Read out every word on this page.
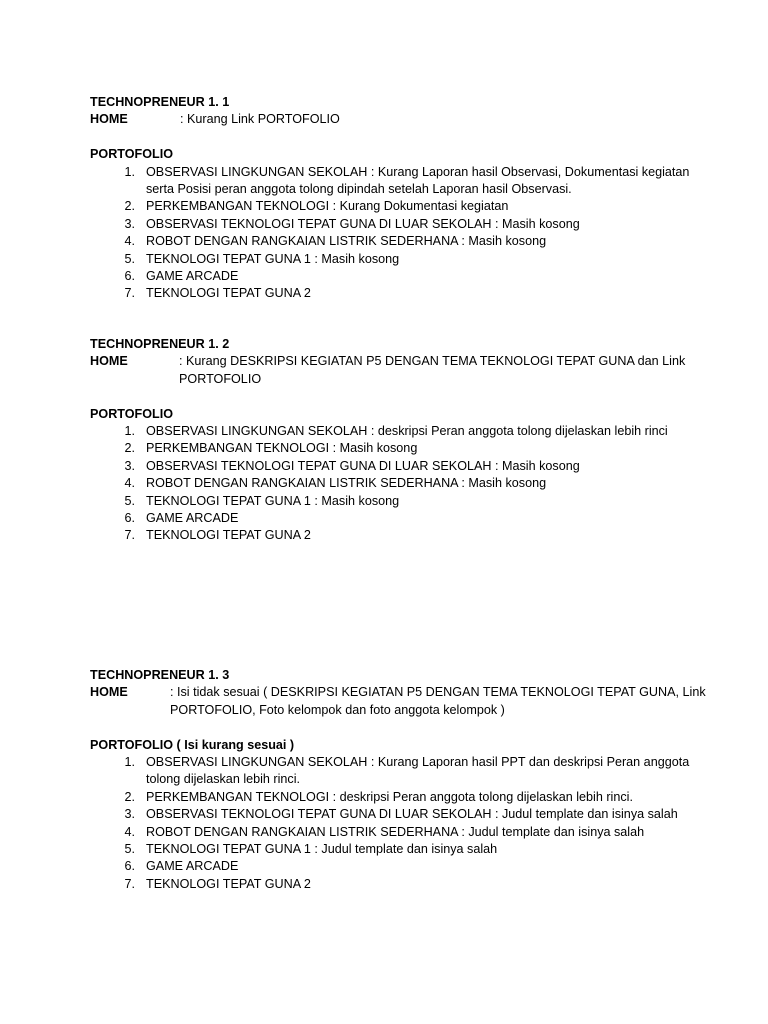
TECHNOPRENEUR 1. 1
HOME	: Kurang Link PORTOFOLIO
PORTOFOLIO
1. OBSERVASI LINGKUNGAN SEKOLAH : Kurang Laporan hasil Observasi, Dokumentasi kegiatan serta Posisi peran anggota tolong dipindah setelah Laporan hasil Observasi.
2. PERKEMBANGAN TEKNOLOGI : Kurang Dokumentasi kegiatan
3. OBSERVASI TEKNOLOGI TEPAT GUNA DI LUAR SEKOLAH : Masih kosong
4. ROBOT DENGAN RANGKAIAN LISTRIK SEDERHANA : Masih kosong
5. TEKNOLOGI TEPAT GUNA 1 : Masih kosong
6. GAME ARCADE
7. TEKNOLOGI TEPAT GUNA 2
TECHNOPRENEUR 1. 2
HOME	: Kurang DESKRIPSI KEGIATAN P5 DENGAN TEMA TEKNOLOGI TEPAT GUNA dan Link PORTOFOLIO
PORTOFOLIO
1. OBSERVASI LINGKUNGAN SEKOLAH : deskripsi Peran anggota tolong dijelaskan lebih rinci
2. PERKEMBANGAN TEKNOLOGI : Masih kosong
3. OBSERVASI TEKNOLOGI TEPAT GUNA DI LUAR SEKOLAH : Masih kosong
4. ROBOT DENGAN RANGKAIAN LISTRIK SEDERHANA : Masih kosong
5. TEKNOLOGI TEPAT GUNA 1 : Masih kosong
6. GAME ARCADE
7. TEKNOLOGI TEPAT GUNA 2
TECHNOPRENEUR 1. 3
HOME	: Isi tidak sesuai ( DESKRIPSI KEGIATAN P5 DENGAN TEMA TEKNOLOGI TEPAT GUNA, Link PORTOFOLIO, Foto kelompok dan foto anggota kelompok )
PORTOFOLIO ( Isi kurang sesuai )
1. OBSERVASI LINGKUNGAN SEKOLAH : Kurang Laporan hasil PPT dan deskripsi Peran anggota tolong dijelaskan lebih rinci.
2. PERKEMBANGAN TEKNOLOGI : deskripsi Peran anggota tolong dijelaskan lebih rinci.
3. OBSERVASI TEKNOLOGI TEPAT GUNA DI LUAR SEKOLAH : Judul template dan isinya salah
4. ROBOT DENGAN RANGKAIAN LISTRIK SEDERHANA : Judul template dan isinya salah
5. TEKNOLOGI TEPAT GUNA 1 : Judul template dan isinya salah
6. GAME ARCADE
7. TEKNOLOGI TEPAT GUNA 2
